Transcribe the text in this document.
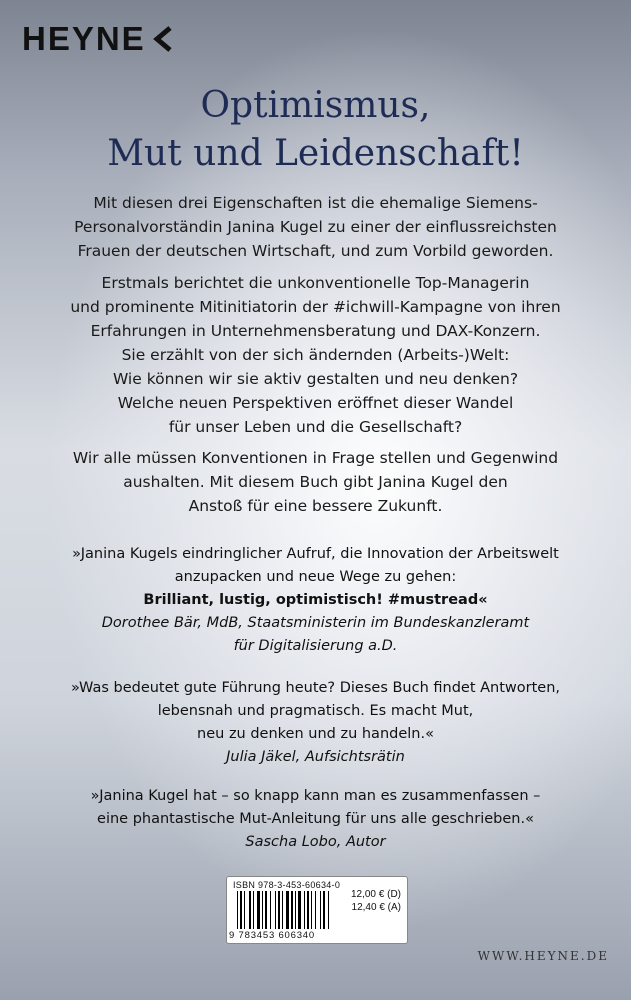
HEYNE
Optimismus,
Mut und Leidenschaft!
Mit diesen drei Eigenschaften ist die ehemalige Siemens-
Personalvorständin Janina Kugel zu einer der einflussreichsten
Frauen der deutschen Wirtschaft, und zum Vorbild geworden.
Erstmals berichtet die unkonventionelle Top-Managerin
und prominente Mitinitiatorin der #ichwill-Kampagne von ihren
Erfahrungen in Unternehmensberatung und DAX-Konzern.
Sie erzählt von der sich ändernden (Arbeits-)Welt:
Wie können wir sie aktiv gestalten und neu denken?
Welche neuen Perspektiven eröffnet dieser Wandel
für unser Leben und die Gesellschaft?
Wir alle müssen Konventionen in Frage stellen und Gegenwind
aushalten. Mit diesem Buch gibt Janina Kugel den
Anstoß für eine bessere Zukunft.
»Janina Kugels eindringlicher Aufruf, die Innovation der Arbeitswelt
anzupacken und neue Wege zu gehen:
Brilliant, lustig, optimistisch! #mustread«
Dorothee Bär, MdB, Staatsministerin im Bundeskanzleramt
für Digitalisierung a.D.
»Was bedeutet gute Führung heute? Dieses Buch findet Antworten,
lebensnah und pragmatisch. Es macht Mut,
neu zu denken und zu handeln.«
Julia Jäkel, Aufsichtsrätin
»Janina Kugel hat – so knapp kann man es zusammenfassen –
eine phantastische Mut-Anleitung für uns alle geschrieben.«
Sascha Lobo, Autor
ISBN 978-3-453-60634-0
12,00 € (D)
12,40 € (A)
9 783453 606340
WWW.HEYNE.DE
